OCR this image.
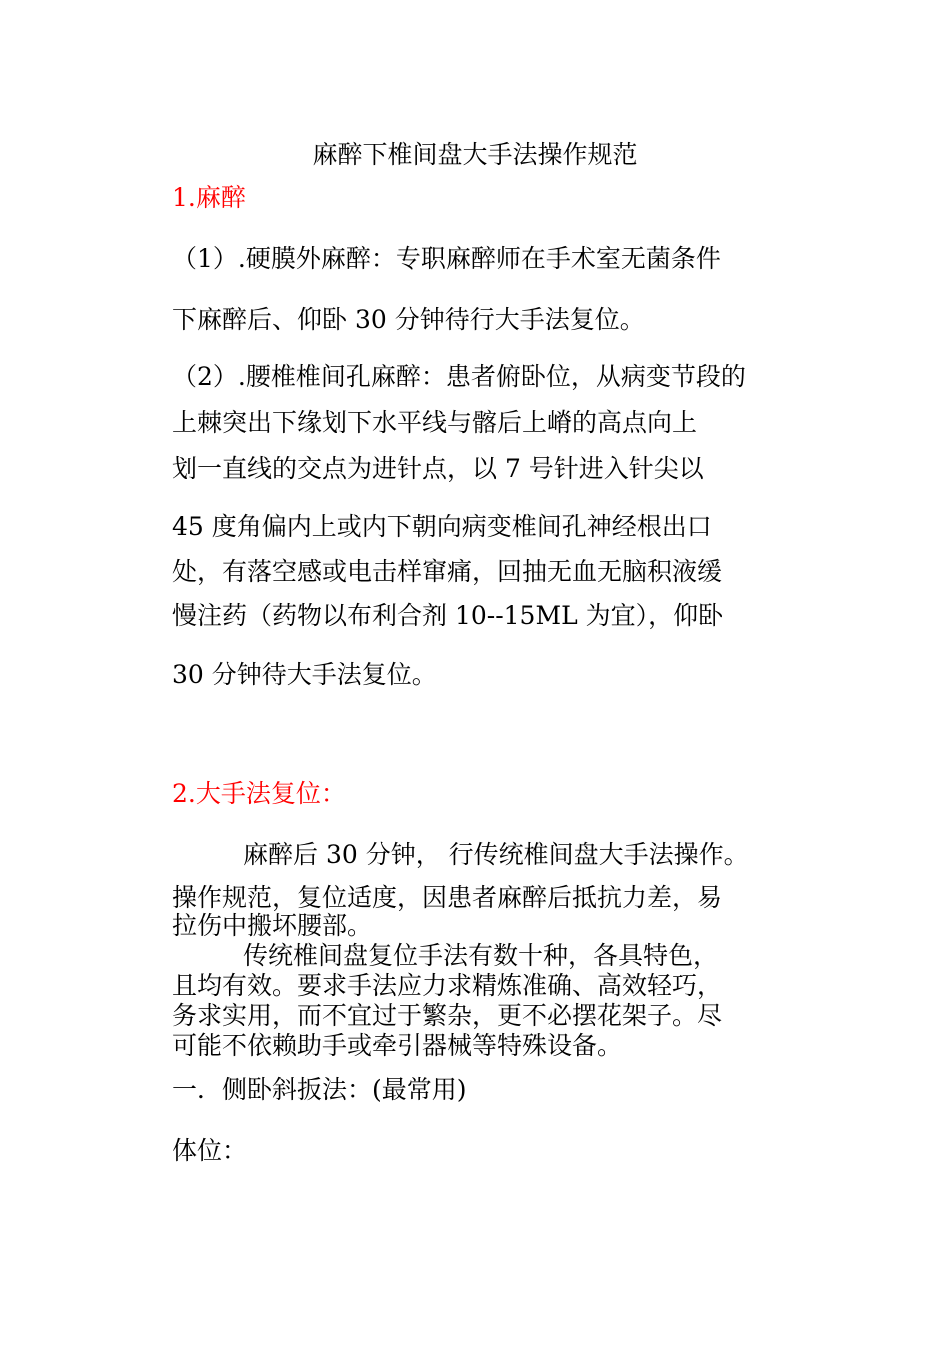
麻醉下椎间盘大手法操作规范
1.麻醉
（1）.硬膜外麻醉：专职麻醉师在手术室无菌条件
下麻醉后、仰卧 30 分钟待行大手法复位。
（2）.腰椎椎间孔麻醉：患者俯卧位，从病变节段的
上棘突出下缘划下水平线与髂后上嵴的高点向上
划一直线的交点为进针点，以 7 号针进入针尖以
45 度角偏内上或内下朝向病变椎间孔神经根出口
处，有落空感或电击样窜痛，回抽无血无脑积液缓
慢注药（药物以布利合剂 10--15ML 为宜），仰卧
30 分钟待大手法复位。
2.大手法复位：
麻醉后 30 分钟， 行传统椎间盘大手法操作。
操作规范，复位适度，因患者麻醉后抵抗力差，易
拉伤中搬坏腰部。
传统椎间盘复位手法有数十种，各具特色，
且均有效。要求手法应力求精炼准确、高效轻巧，
务求实用，而不宜过于繁杂，更不必摆花架子。尽
可能不依赖助手或牵引器械等特殊设备。
一．侧卧斜扳法：(最常用)
体位：
